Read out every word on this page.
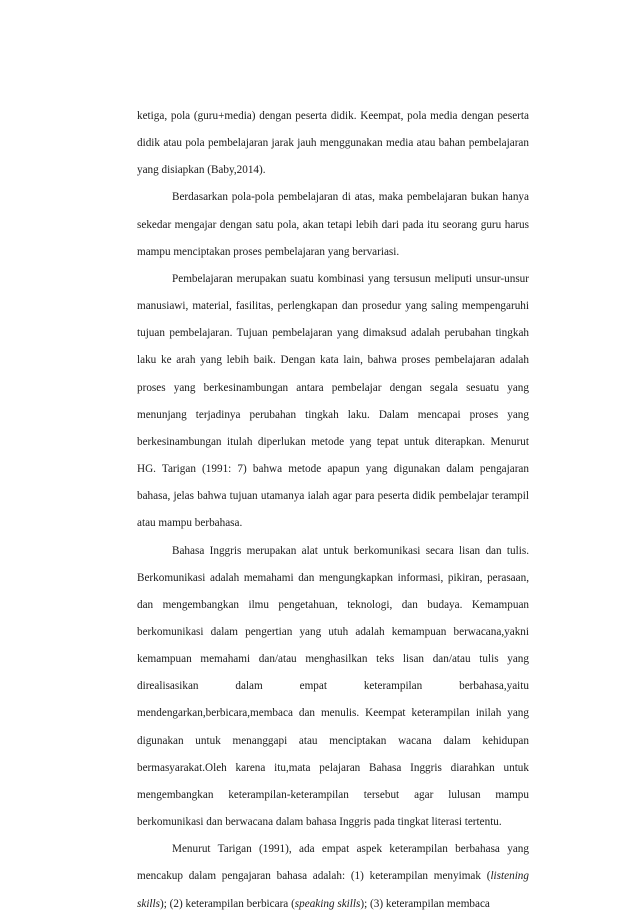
ketiga, pola (guru+media) dengan peserta didik. Keempat, pola media dengan peserta didik atau pola pembelajaran jarak jauh menggunakan media atau bahan pembelajaran yang disiapkan (Baby,2014).

Berdasarkan pola-pola pembelajaran di atas, maka pembelajaran bukan hanya sekedar mengajar dengan satu pola, akan tetapi lebih dari pada itu seorang guru harus mampu menciptakan proses pembelajaran yang bervariasi.

Pembelajaran merupakan suatu kombinasi yang tersusun meliputi unsur-unsur manusiawi, material, fasilitas, perlengkapan dan prosedur yang saling mempengaruhi tujuan pembelajaran. Tujuan pembelajaran yang dimaksud adalah perubahan tingkah laku ke arah yang lebih baik. Dengan kata lain, bahwa proses pembelajaran adalah proses yang berkesinambungan antara pembelajar dengan segala sesuatu yang menunjang terjadinya perubahan tingkah laku. Dalam mencapai proses yang berkesinambungan itulah diperlukan metode yang tepat untuk diterapkan. Menurut HG. Tarigan (1991: 7) bahwa metode apapun yang digunakan dalam pengajaran bahasa, jelas bahwa tujuan utamanya ialah agar para peserta didik pembelajar terampil atau mampu berbahasa.

Bahasa Inggris merupakan alat untuk berkomunikasi secara lisan dan tulis. Berkomunikasi adalah memahami dan mengungkapkan informasi, pikiran, perasaan, dan mengembangkan ilmu pengetahuan, teknologi, dan budaya. Kemampuan berkomunikasi dalam pengertian yang utuh adalah kemampuan berwacana,yakni kemampuan memahami dan/atau menghasilkan teks lisan dan/atau tulis yang direalisasikan dalam empat keterampilan berbahasa,yaitu mendengarkan,berbicara,membaca dan menulis. Keempat keterampilan inilah yang digunakan untuk menanggapi atau menciptakan wacana dalam kehidupan bermasyarakat.Oleh karena itu,mata pelajaran Bahasa Inggris diarahkan untuk mengembangkan keterampilan-keterampilan tersebut agar lulusan mampu berkomunikasi dan berwacana dalam bahasa Inggris pada tingkat literasi tertentu.

Menurut Tarigan (1991), ada empat aspek keterampilan berbahasa yang mencakup dalam pengajaran bahasa adalah: (1) keterampilan menyimak (listening skills); (2) keterampilan berbicara (speaking skills); (3) keterampilan membaca
